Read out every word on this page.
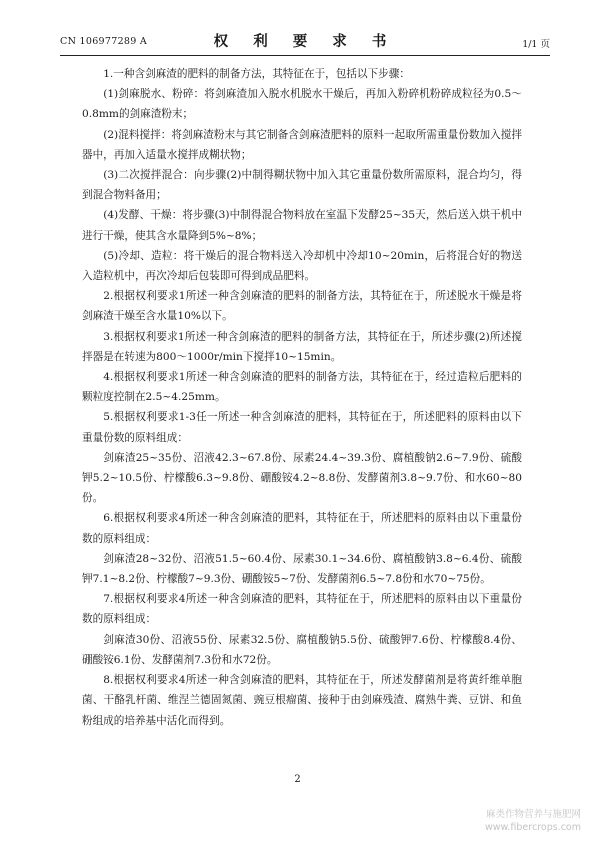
CN 106977289 A	权 利 要 求 书	1/1 页

1.一种含剑麻渣的肥料的制备方法，其特征在于，包括以下步骤：

(1)剑麻脱水、粉碎：将剑麻渣加入脱水机脱水干燥后，再加入粉碎机粉碎成粒径为0.5～0.8mm的剑麻渣粉末；

(2)混料搅拌：将剑麻渣粉末与其它制备含剑麻渣肥料的原料一起取所需重量份数加入搅拌器中，再加入适量水搅拌成糊状物；

(3)二次搅拌混合：向步骤(2)中制得糊状物中加入其它重量份数所需原料，混合均匀，得到混合物料备用；

(4)发酵、干燥：将步骤(3)中制得混合物料放在室温下发酵25~35天，然后送入烘干机中进行干燥，使其含水量降到5%~8%；

(5)冷却、造粒：将干燥后的混合物料送入冷却机中冷却10~20min，后将混合好的物送入造粒机中，再次冷却后包装即可得到成品肥料。

2.根据权利要求1所述一种含剑麻渣的肥料的制备方法，其特征在于，所述脱水干燥是将剑麻渣干燥至含水量10%以下。

3.根据权利要求1所述一种含剑麻渣的肥料的制备方法，其特征在于，所述步骤(2)所述搅拌器是在转速为800～1000r/min下搅拌10~15min。

4.根据权利要求1所述一种含剑麻渣的肥料的制备方法，其特征在于，经过造粒后肥料的颗粒度控制在2.5~4.25mm。

5.根据权利要求1-3任一所述一种含剑麻渣的肥料，其特征在于，所述肥料的原料由以下重量份数的原料组成：

剑麻渣25~35份、沼液42.3~67.8份、尿素24.4~39.3份、腐植酸钠2.6~7.9份、硫酸钾5.2~10.5份、柠檬酸6.3~9.8份、硼酸铵4.2~8.8份、发酵菌剂3.8~9.7份、和水60~80份。

6.根据权利要求4所述一种含剑麻渣的肥料，其特征在于，所述肥料的原料由以下重量份数的原料组成：

剑麻渣28~32份、沼液51.5~60.4份、尿素30.1~34.6份、腐植酸钠3.8~6.4份、硫酸钾7.1~8.2份、柠檬酸7~9.3份、硼酸铵5~7份、发酵菌剂6.5~7.8份和水70~75份。

7.根据权利要求4所述一种含剑麻渣的肥料，其特征在于，所述肥料的原料由以下重量份数的原料组成：

剑麻渣30份、沼液55份、尿素32.5份、腐植酸钠5.5份、硫酸钾7.6份、柠檬酸8.4份、硼酸铵6.1份、发酵菌剂7.3份和水72份。

8.根据权利要求4所述一种含剑麻渣的肥料，其特征在于，所述发酵菌剂是将黄纤维单胞菌、干酪乳杆菌、维涅兰德固氮菌、豌豆根瘤菌、接种于由剑麻残渣、腐熟牛粪、豆饼、和鱼粉组成的培养基中活化而得到。

2
麻类作物营养与施肥网
www.fibercrops.com
